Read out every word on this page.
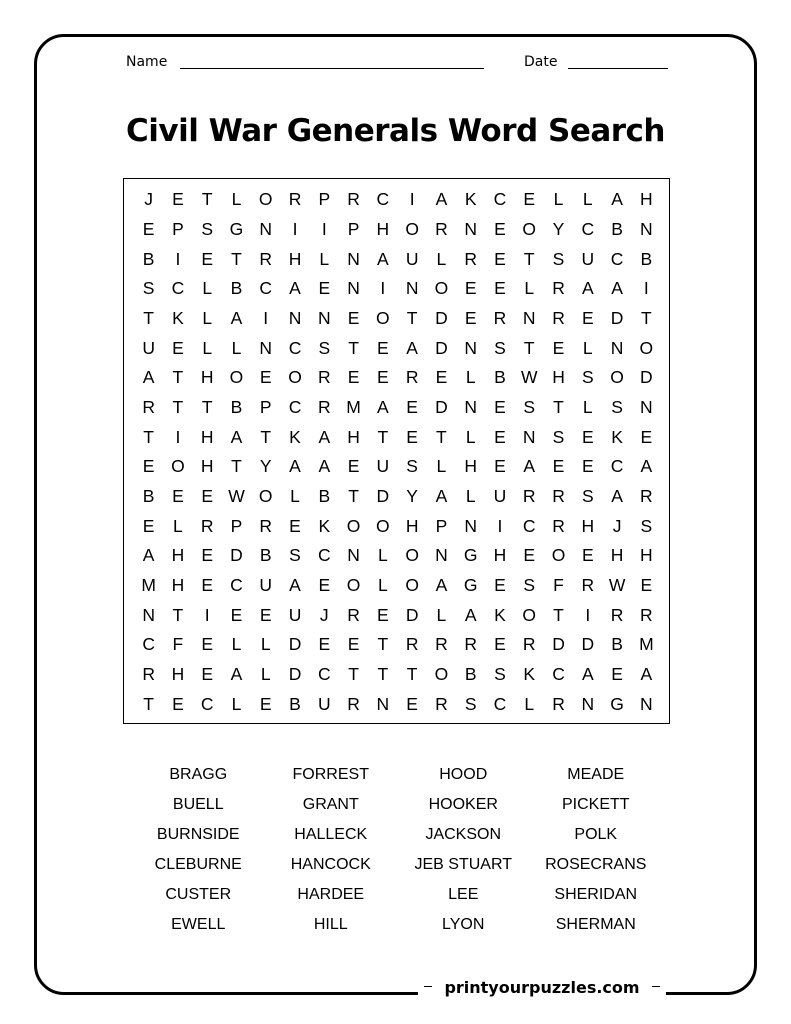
Name	Date
Civil War Generals Word Search
J	E	T	L	O R P R C	I	A	K C E	L	L	A H
E	P	S G N	I	I	P H O R N E O Y C B N
B	I	E	T	R H	L	N A U	L	R E	T	S U C B
S C	L	B C A	E N	I	N O E	E	L	R A	A	I
T	K	L	A	I	N N E O T	D E R N R E D	T
U E	L	L	N C S	T	E	A D N S	T	E	L	N O
A	T	H O E O R E	E R E	L	B W H S O D
R	T	T	B	P C R M A	E D N E	S	T	L	S N
T	I	H A	T	K	A H	T	E	T	L	E N S	E	K	E
E O H	T	Y	A	A	E U S	L	H E	A	E	E C A
B	E	E W O	L	B	T	D Y	A	L	U R R S	A R
E	L	R P R E	K O O H P N	I	C R H	J	S
A H E D B	S C N	L	O N G H E O E H H
M H E C U A	E O	L	O A G E	S	F	R W E
N	T	I	E	E U	J	R E D	L	A	K O T	I	R R
C	F	E	L	L	D E	E	T	R R R E R D D B M
R H E	A	L	D C	T	T	T O B	S	K C A	E	A
T	E C	L	E	B U R N E R S C	L	R N G N
BRAGG
BUELL
BURNSIDE
CLEBURNE
CUSTER
EWELL
FORREST
GRANT
HALLECK
HANCOCK
HARDEE
HILL
HOOD
HOOKER
JACKSON
JEB STUART
LEE
LYON
MEADE
PICKETT
POLK
ROSECRANS
SHERIDAN
SHERMAN
printyourpuzzles.com
